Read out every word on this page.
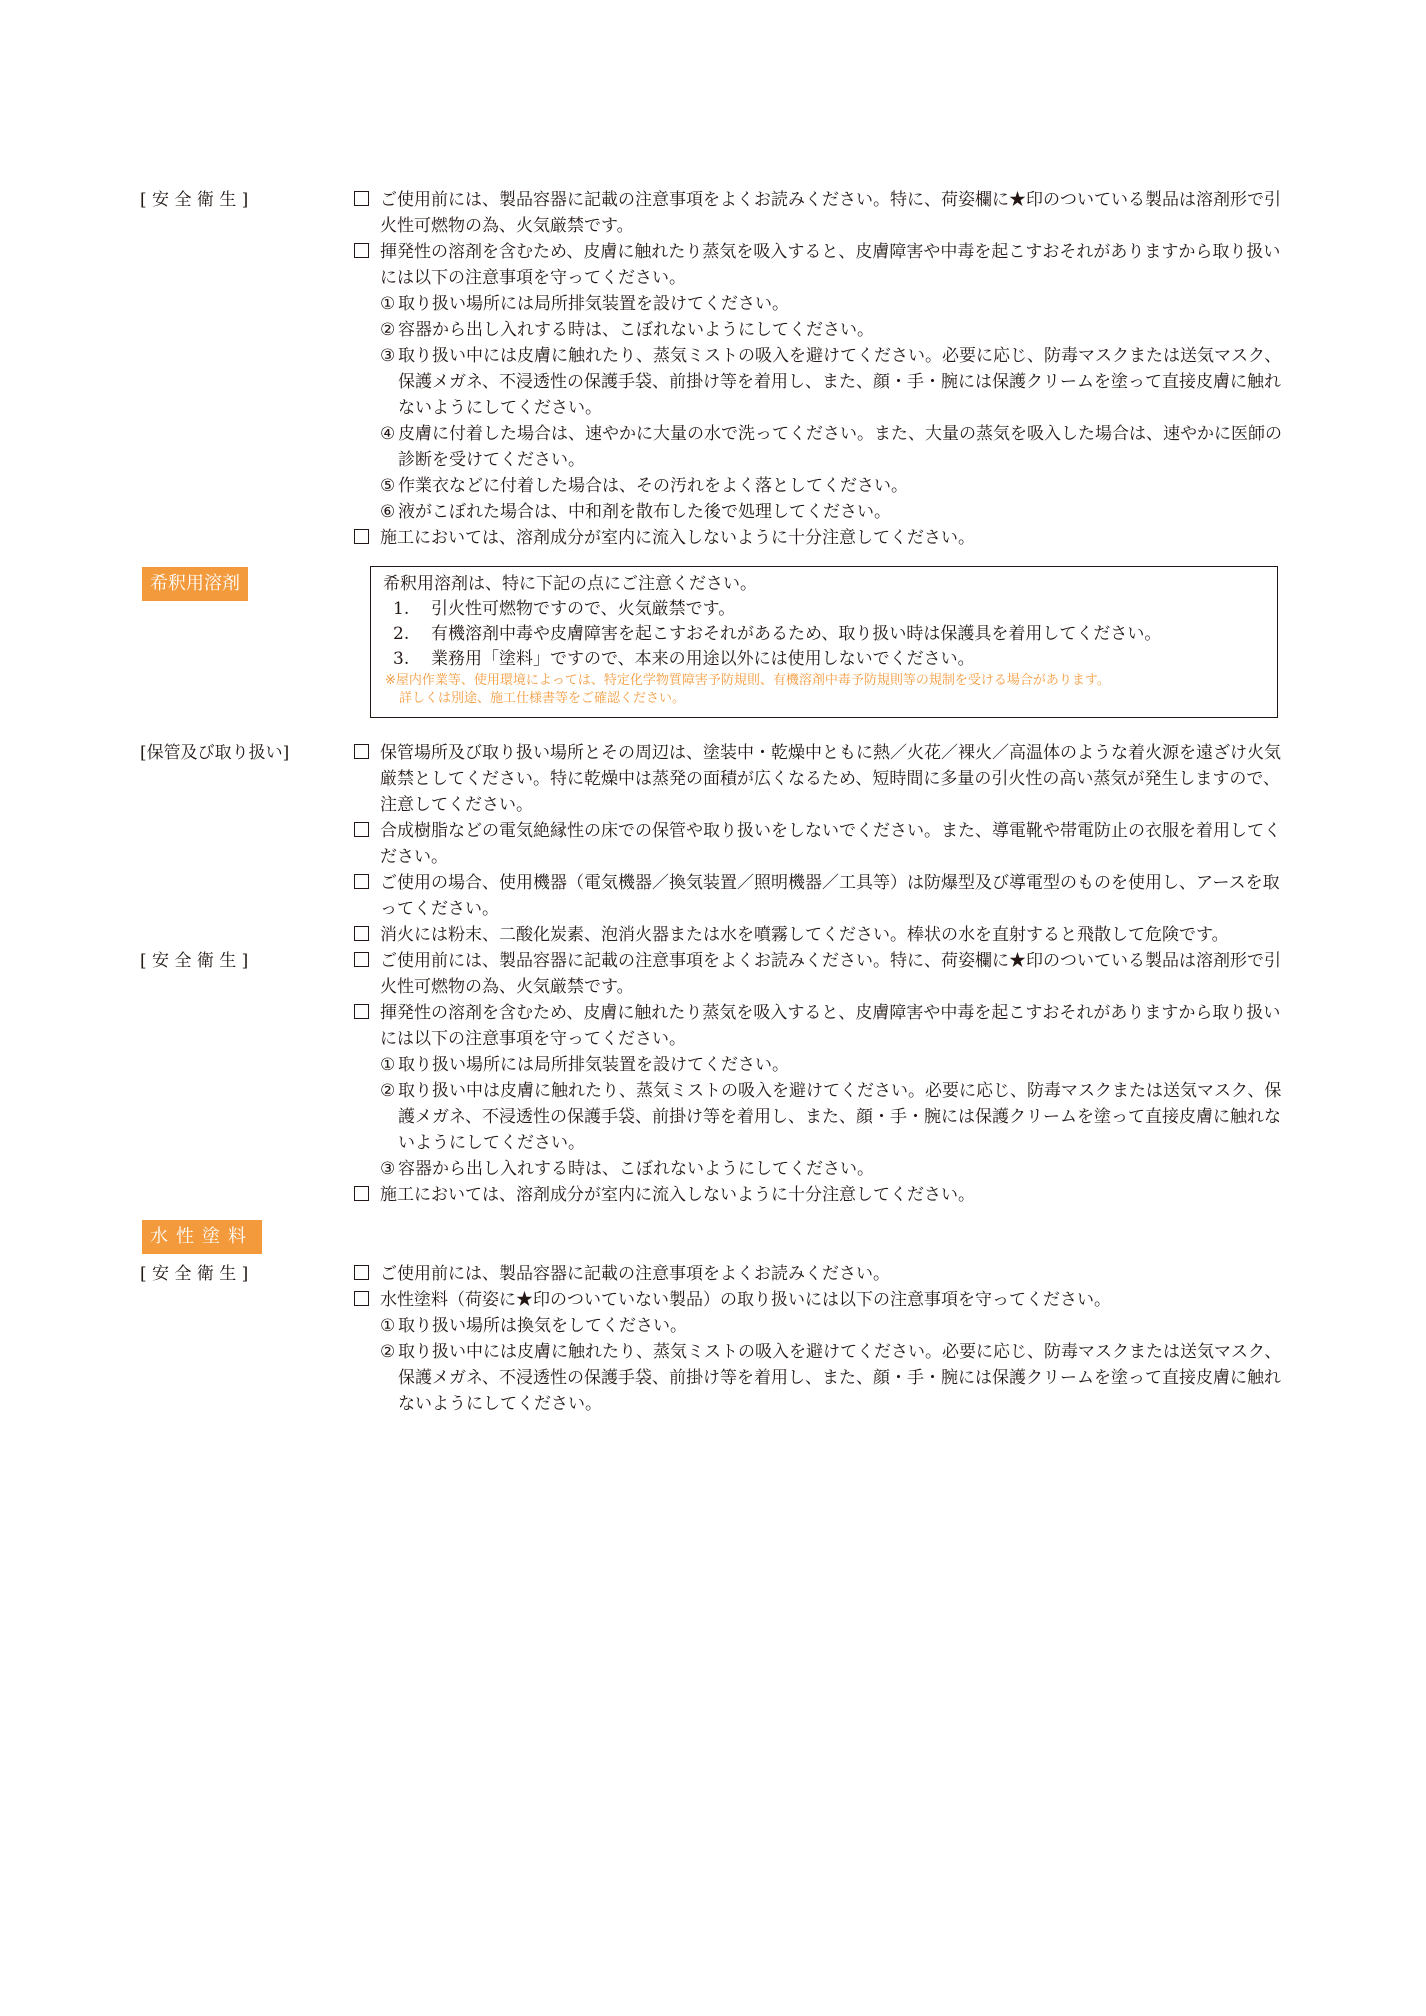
[ 安 全 衛 生 ]	ご使用前には、製品容器に記載の注意事項をよくお読みください。特に、荷姿欄に★印のついている製品は溶剤形で引火性可燃物の為、火気厳禁です。
揮発性の溶剤を含むため、皮膚に触れたり蒸気を吸入すると、皮膚障害や中毒を起こすおそれがありますから取り扱いには以下の注意事項を守ってください。
① 取り扱い場所には局所排気装置を設けてください。
② 容器から出し入れする時は、こぼれないようにしてください。
③ 取り扱い中には皮膚に触れたり、蒸気ミストの吸入を避けてください。必要に応じ、防毒マスクまたは送気マスク、保護メガネ、不浸透性の保護手袋、前掛け等を着用し、また、顔・手・腕には保護クリームを塗って直接皮膚に触れないようにしてください。
④ 皮膚に付着した場合は、速やかに大量の水で洗ってください。また、大量の蒸気を吸入した場合は、速やかに医師の診断を受けてください。
⑤ 作業衣などに付着した場合は、その汚れをよく落としてください。
⑥ 液がこぼれた場合は、中和剤を散布した後で処理してください。
施工においては、溶剤成分が室内に流入しないように十分注意してください。
希釈用溶剤	希釈用溶剤は、特に下記の点にご注意ください。
1. 引火性可燃物ですので、火気厳禁です。
2. 有機溶剤中毒や皮膚障害を起こすおそれがあるため、取り扱い時は保護具を着用してください。
3. 業務用「塗料」ですので、本来の用途以外には使用しないでください。
※屋内作業等、使用環境によっては、特定化学物質障害予防規則、有機溶剤中毒予防規則等の規制を受ける場合があります。
詳しくは別途、施工仕様書等をご確認ください。
[保管及び取り扱い]	保管場所及び取り扱い場所とその周辺は、塗装中・乾燥中ともに熱／火花／裸火／高温体のような着火源を遠ざけ火気厳禁としてください。特に乾燥中は蒸発の面積が広くなるため、短時間に多量の引火性の高い蒸気が発生しますので、注意してください。
合成樹脂などの電気絶縁性の床での保管や取り扱いをしないでください。また、導電靴や帯電防止の衣服を着用してください。
ご使用の場合、使用機器（電気機器／換気装置／照明機器／工具等）は防爆型及び導電型のものを使用し、アースを取ってください。
消火には粉末、二酸化炭素、泡消火器または水を噴霧してください。棒状の水を直射すると飛散して危険です。
[ 安 全 衛 生 ]	ご使用前には、製品容器に記載の注意事項をよくお読みください。特に、荷姿欄に★印のついている製品は溶剤形で引火性可燃物の為、火気厳禁です。
揮発性の溶剤を含むため、皮膚に触れたり蒸気を吸入すると、皮膚障害や中毒を起こすおそれがありますから取り扱いには以下の注意事項を守ってください。
① 取り扱い場所には局所排気装置を設けてください。
② 取り扱い中は皮膚に触れたり、蒸気ミストの吸入を避けてください。必要に応じ、防毒マスクまたは送気マスク、保護メガネ、不浸透性の保護手袋、前掛け等を着用し、また、顔・手・腕には保護クリームを塗って直接皮膚に触れないようにしてください。
③ 容器から出し入れする時は、こぼれないようにしてください。
施工においては、溶剤成分が室内に流入しないように十分注意してください。
水性塗料
[ 安 全 衛 生 ]	ご使用前には、製品容器に記載の注意事項をよくお読みください。
水性塗料（荷姿に★印のついていない製品）の取り扱いには以下の注意事項を守ってください。
① 取り扱い場所は換気をしてください。
② 取り扱い中には皮膚に触れたり、蒸気ミストの吸入を避けてください。必要に応じ、防毒マスクまたは送気マスク、保護メガネ、不浸透性の保護手袋、前掛け等を着用し、また、顔・手・腕には保護クリームを塗って直接皮膚に触れないようにしてください。
